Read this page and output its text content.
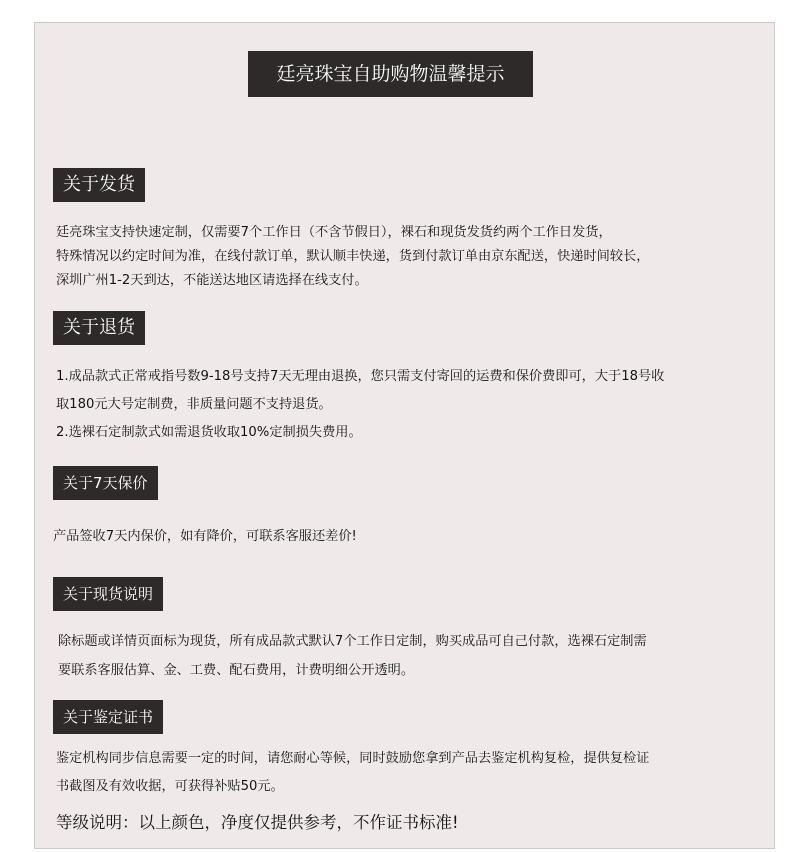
廷亮珠宝自助购物温馨提示
关于发货
廷亮珠宝支持快速定制，仅需要7个工作日（不含节假日），裸石和现货发货约两个工作日发货，
特殊情况以约定时间为准，在线付款订单，默认顺丰快递，货到付款订单由京东配送，快递时间较长，
深圳广州1-2天到达，不能送达地区请选择在线支付。
关于退货
1.成品款式正常戒指号数9-18号支持7天无理由退换，您只需支付寄回的运费和保价费即可，大于18号收
取180元大号定制费，非质量问题不支持退货。
2.选裸石定制款式如需退货收取10%定制损失费用。
关于7天保价
产品签收7天内保价，如有降价，可联系客服还差价!
关于现货说明
除标题或详情页面标为现货，所有成品款式默认7个工作日定制，购买成品可自己付款，选裸石定制需
要联系客服估算、金、工费、配石费用，计费明细公开透明。
关于鉴定证书
鉴定机构同步信息需要一定的时间，请您耐心等候，同时鼓励您拿到产品去鉴定机构复检，提供复检证
书截图及有效收据，可获得补贴50元。
等级说明：以上颜色，净度仅提供参考，不作证书标准!
